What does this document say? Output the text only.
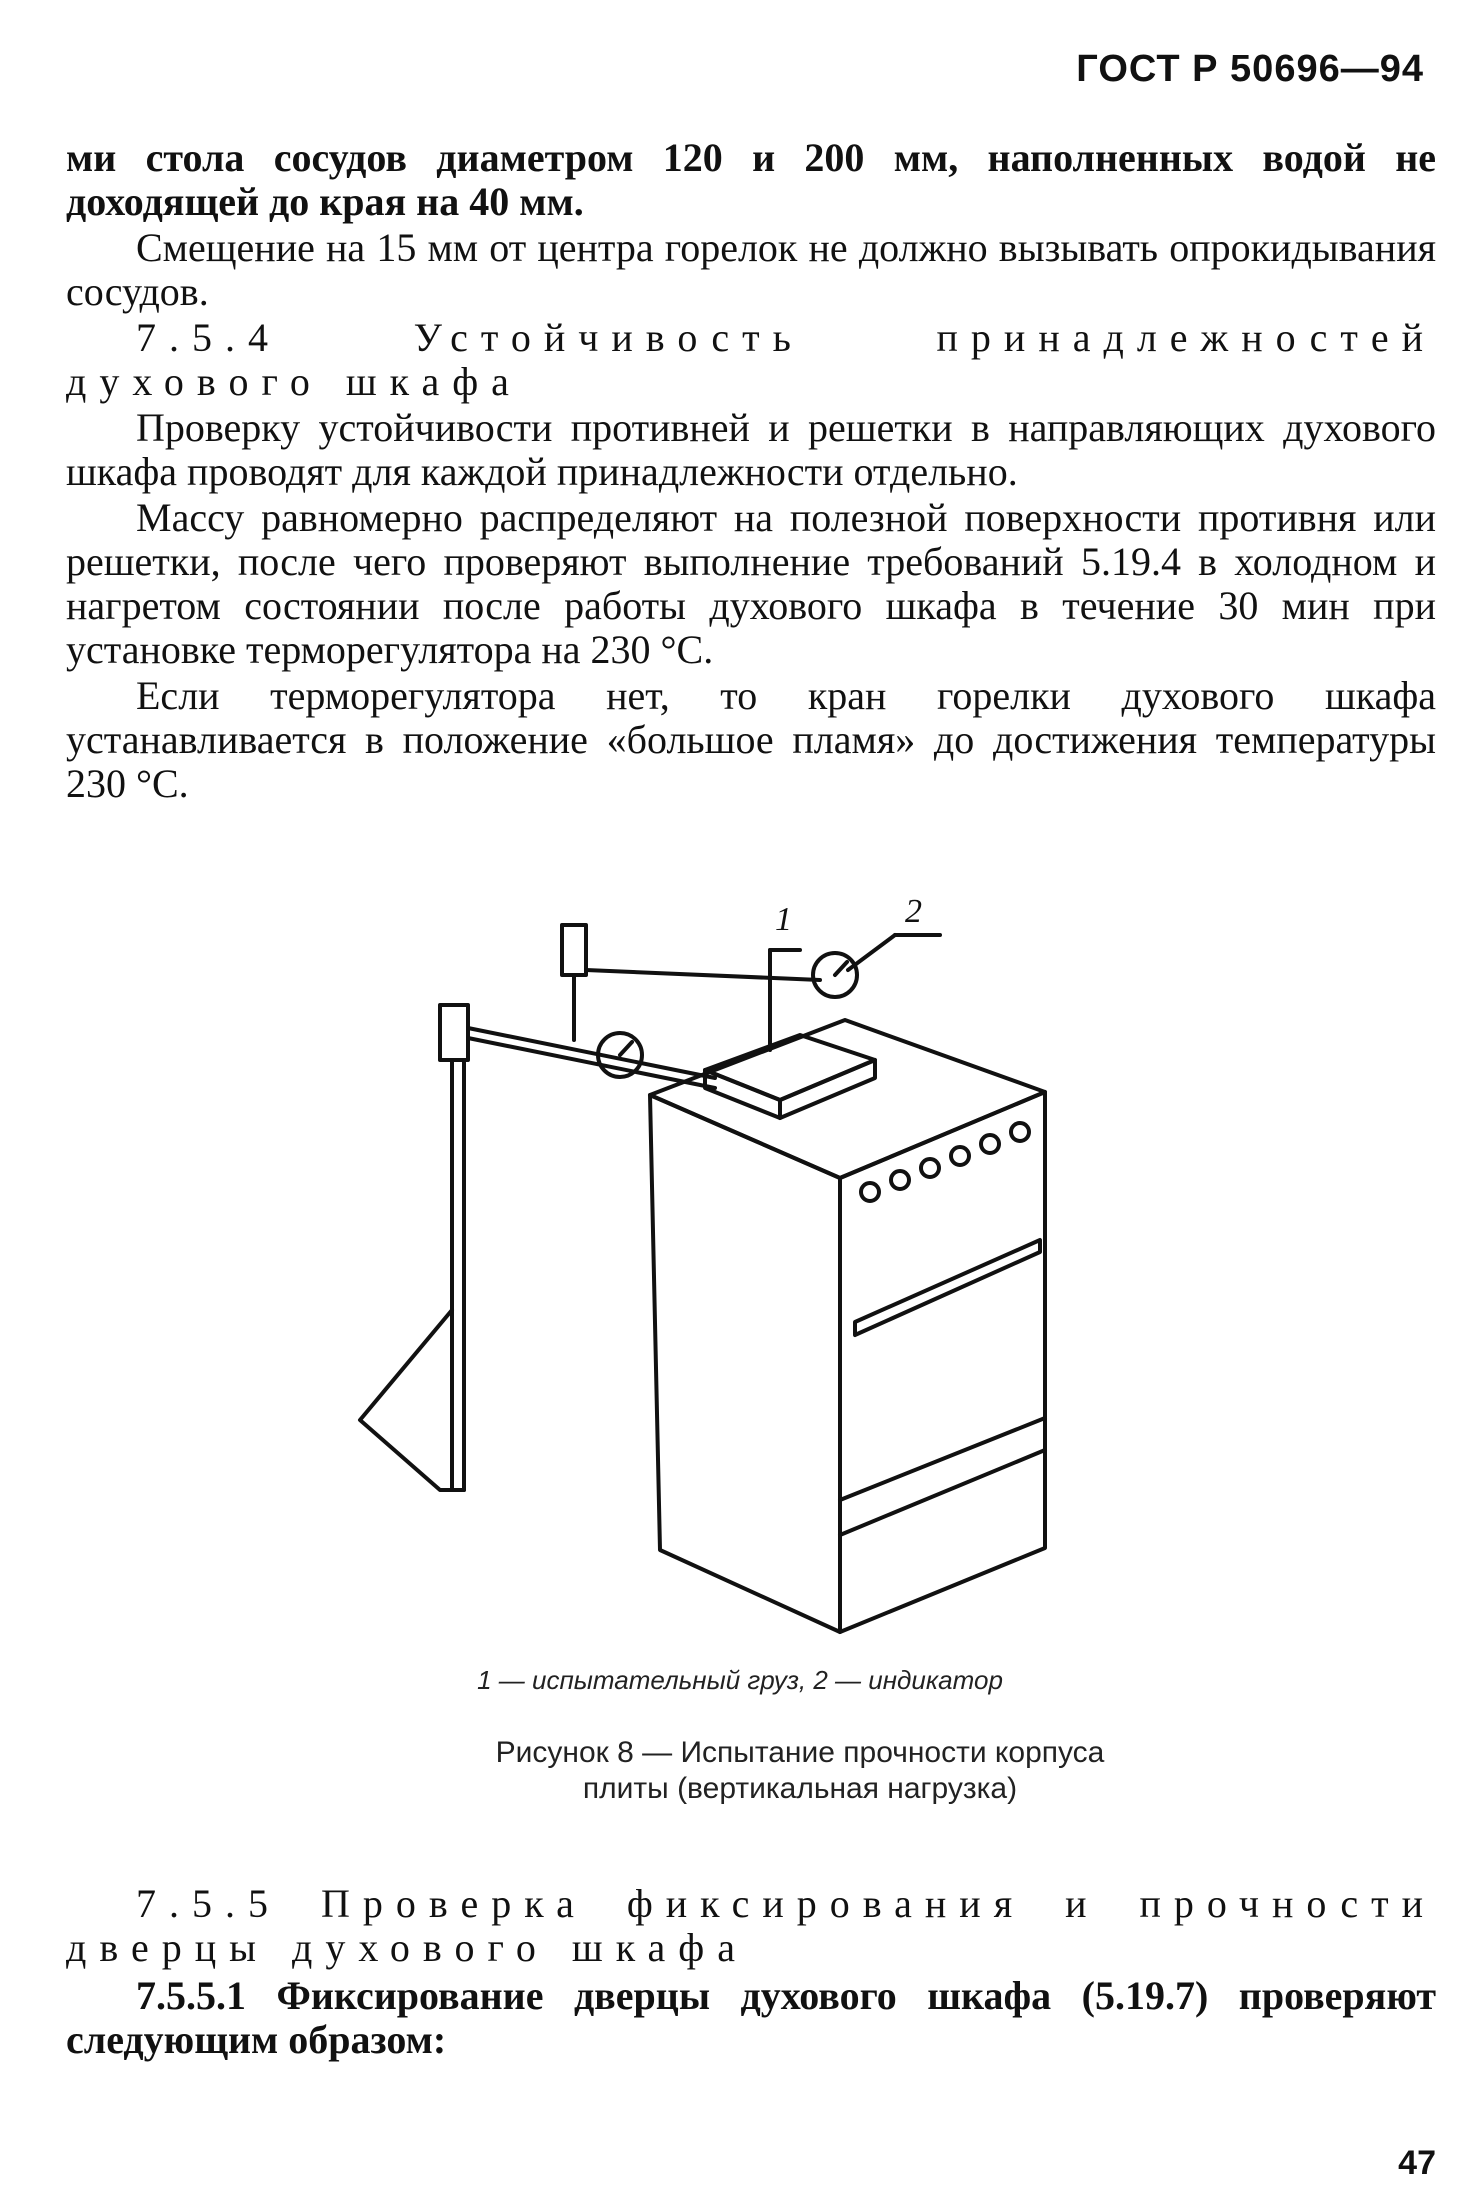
ГОСТ Р 50696—94

ми стола сосудов диаметром 120 и 200 мм, наполненных водой не доходящей до края на 40 мм.

Смещение на 15 мм от центра горелок не должно вызывать опрокидывания сосудов.

7.5.4 Устойчивость принадлежностей духового шкафа

Проверку устойчивости противней и решетки в направляющих духового шкафа проводят для каждой принадлежности отдельно.

Массу равномерно распределяют на полезной поверхности противня или решетки, после чего проверяют выполнение требований 5.19.4 в холодном и нагретом состоянии после работы духового шкафа в течение 30 мин при установке терморегулятора на 230 °С.

Если терморегулятора нет, то кран горелки духового шкафа устанавливается в положение «большое пламя» до достижения температуры 230 °С.

1	2
1 — испытательный груз, 2 — индикатор
Рисунок 8 — Испытание прочности корпуса плиты (вертикальная нагрузка)

7.5.5 Проверка фиксирования и прочности дверцы духового шкафа

7.5.5.1 Фиксирование дверцы духового шкафа (5.19.7) проверяют следующим образом:

47
